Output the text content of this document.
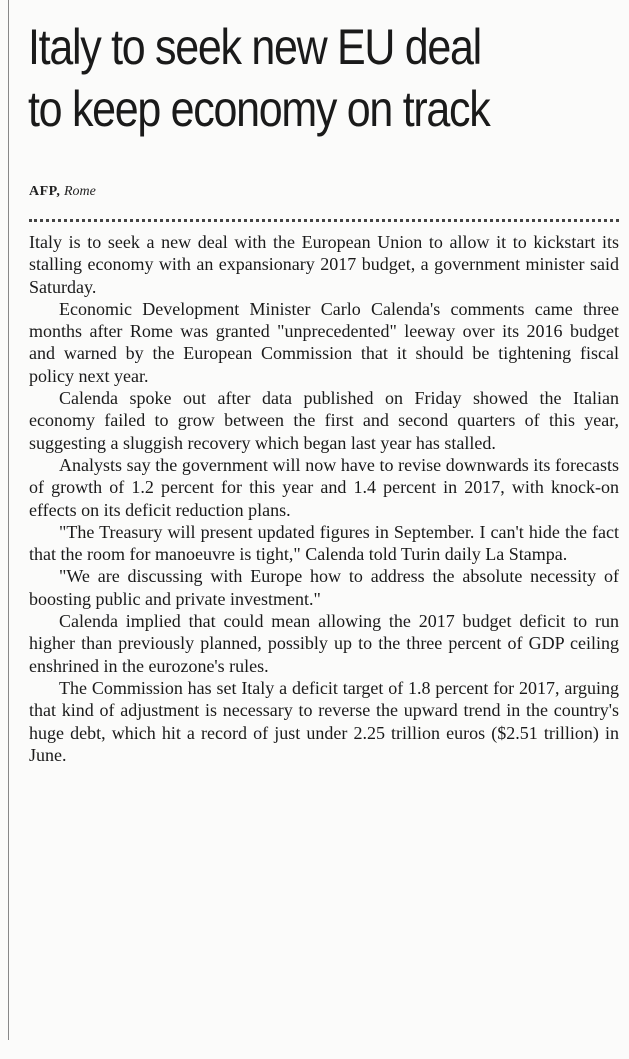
Italy to seek new EU deal
to keep economy on track
AFP, Rome

Italy is to seek a new deal with the European Union to allow it to kickstart its stalling economy with an expansionary 2017 budget, a government minister said Saturday.

Economic Development Minister Carlo Calenda's comments came three months after Rome was granted "unprecedented" leeway over its 2016 budget and warned by the European Commission that it should be tightening fiscal policy next year.

Calenda spoke out after data published on Friday showed the Italian economy failed to grow between the first and second quarters of this year, suggesting a sluggish recovery which began last year has stalled.

Analysts say the government will now have to revise downwards its forecasts of growth of 1.2 percent for this year and 1.4 percent in 2017, with knock-on effects on its deficit reduction plans.

"The Treasury will present updated figures in September. I can't hide the fact that the room for manoeuvre is tight," Calenda told Turin daily La Stampa.

"We are discussing with Europe how to address the absolute necessity of boosting public and private investment."

Calenda implied that could mean allowing the 2017 budget deficit to run higher than previously planned, possibly up to the three percent of GDP ceiling enshrined in the eurozone's rules.

The Commission has set Italy a deficit target of 1.8 percent for 2017, arguing that kind of adjustment is necessary to reverse the upward trend in the country's huge debt, which hit a record of just under 2.25 trillion euros ($2.51 trillion) in June.
